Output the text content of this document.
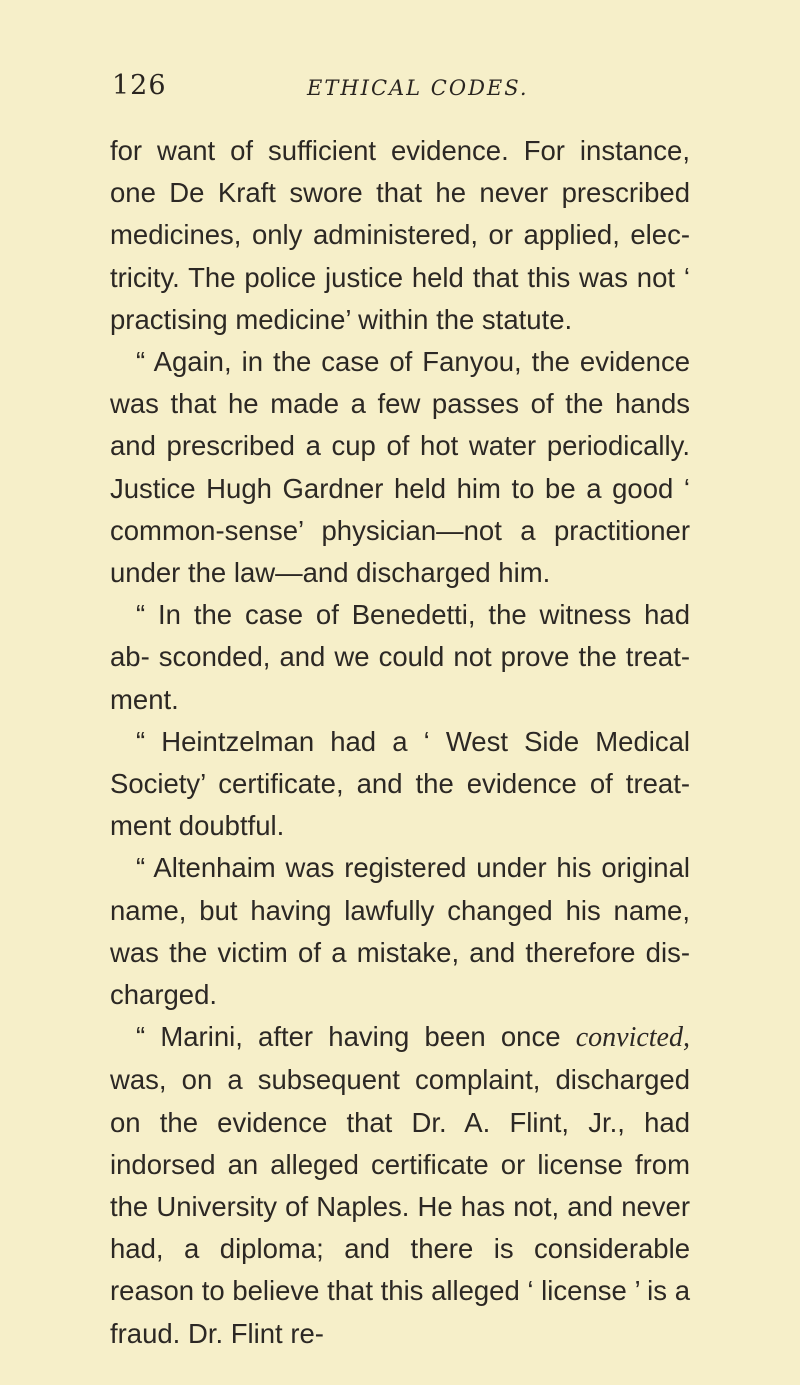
126	ETHICAL CODES.

for want of sufficient evidence. For instance, one De Kraft swore that he never prescribed medicines, only administered, or applied, elec- tricity. The police justice held that this was not ‘ practising medicine’ within the statute.

“ Again, in the case of Fanyou, the evidence was that he made a few passes of the hands and prescribed a cup of hot water periodically. Justice Hugh Gardner held him to be a good ‘ common-sense’ physician—not a practitioner under the law—and discharged him.

“ In the case of Benedetti, the witness had ab- sconded, and we could not prove the treat- ment.

“ Heintzelman had a ‘ West Side Medical Society’ certificate, and the evidence of treat- ment doubtful.

“ Altenhaim was registered under his original name, but having lawfully changed his name, was the victim of a mistake, and therefore dis- charged.

“ Marini, after having been once convicted, was, on a subsequent complaint, discharged on the evidence that Dr. A. Flint, Jr., had indorsed an alleged certificate or license from the University of Naples. He has not, and never had, a diploma; and there is considerable reason to believe that this alleged ‘ license ’ is a fraud. Dr. Flint re-
